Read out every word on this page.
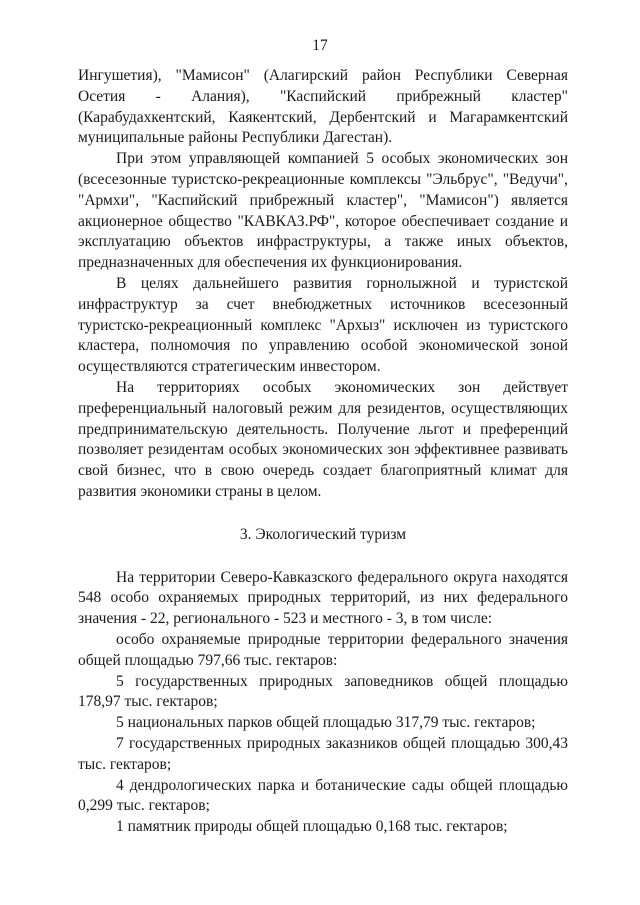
17

Ингушетия), "Мамисон" (Алагирский район Республики Северная Осетия - Алания), "Каспийский прибрежный кластер" (Карабудахкентский, Каякентский, Дербентский и Магарамкентский муниципальные районы Республики Дагестан).

При этом управляющей компанией 5 особых экономических зон (всесезонные туристско-рекреационные комплексы "Эльбрус", "Ведучи", "Армхи", "Каспийский прибрежный кластер", "Мамисон") является акционерное общество "КАВКАЗ.РФ", которое обеспечивает создание и эксплуатацию объектов инфраструктуры, а также иных объектов, предназначенных для обеспечения их функционирования.

В целях дальнейшего развития горнолыжной и туристской инфраструктур за счет внебюджетных источников всесезонный туристско-рекреационный комплекс "Архыз" исключен из туристского кластера, полномочия по управлению особой экономической зоной осуществляются стратегическим инвестором.

На территориях особых экономических зон действует преференциальный налоговый режим для резидентов, осуществляющих предпринимательскую деятельность. Получение льгот и преференций позволяет резидентам особых экономических зон эффективнее развивать свой бизнес, что в свою очередь создает благоприятный климат для развития экономики страны в целом.

3. Экологический туризм

На территории Северо-Кавказского федерального округа находятся 548 особо охраняемых природных территорий, из них федерального значения - 22, регионального - 523 и местного - 3, в том числе:

особо охраняемые природные территории федерального значения общей площадью 797,66 тыс. гектаров:

5 государственных природных заповедников общей площадью 178,97 тыс. гектаров;

5 национальных парков общей площадью 317,79 тыс. гектаров;

7 государственных природных заказников общей площадью 300,43 тыс. гектаров;

4 дендрологических парка и ботанические сады общей площадью 0,299 тыс. гектаров;

1 памятник природы общей площадью 0,168 тыс. гектаров;
